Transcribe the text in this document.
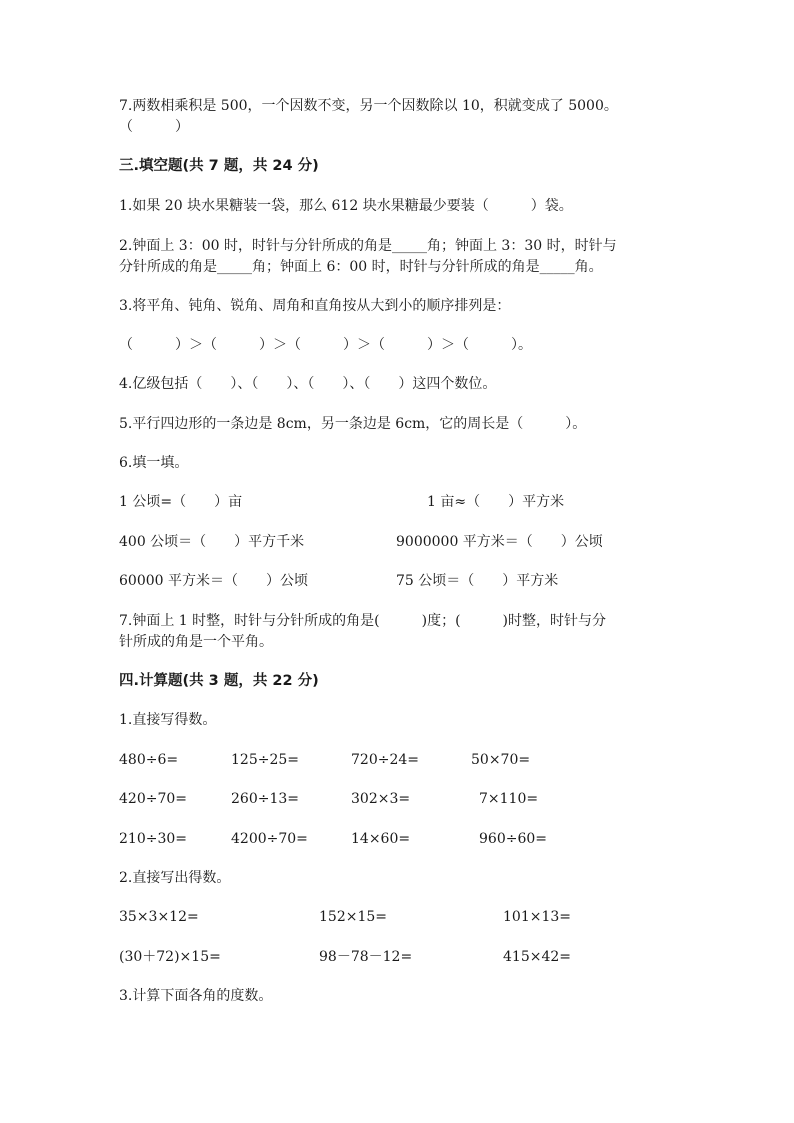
7.两数相乘积是 500，一个因数不变，另一个因数除以 10，积就变成了 5000。
（　　　）
三.填空题(共 7 题，共 24 分)
1.如果 20 块水果糖装一袋，那么 612 块水果糖最少要装（　　　）袋。
2.钟面上 3：00 时，时针与分针所成的角是_____角；钟面上 3：30 时，时针与
分针所成的角是_____角；钟面上 6：00 时，时针与分针所成的角是_____角。
3.将平角、钝角、锐角、周角和直角按从大到小的顺序排列是：
（　　　）＞（　　　）＞（　　　）＞（　　　）＞（　　　）。
4.亿级包括（　　）、（　　）、（　　）、（　　）这四个数位。
5.平行四边形的一条边是 8cm，另一条边是 6cm，它的周长是（　　　）。
6.填一填。
1 公顷=（　　）亩	1 亩≈（　　）平方米
400 公顷＝（　　）平方千米	9000000 平方米＝（　　）公顷
60000 平方米＝（　　）公顷	75 公顷＝（　　）平方米
7.钟面上 1 时整，时针与分针所成的角是(　　　)度；(　　　)时整，时针与分
针所成的角是一个平角。
四.计算题(共 3 题，共 22 分)
1.直接写得数。
480÷6=	125÷25=	720÷24=	50×70=
420÷70=	260÷13=	302×3=	7×110=
210÷30=	4200÷70=	14×60=	960÷60=
2.直接写出得数。
35×3×12=	152×15=	101×13=
(30＋72)×15=	98－78－12=	415×42=
3.计算下面各角的度数。
